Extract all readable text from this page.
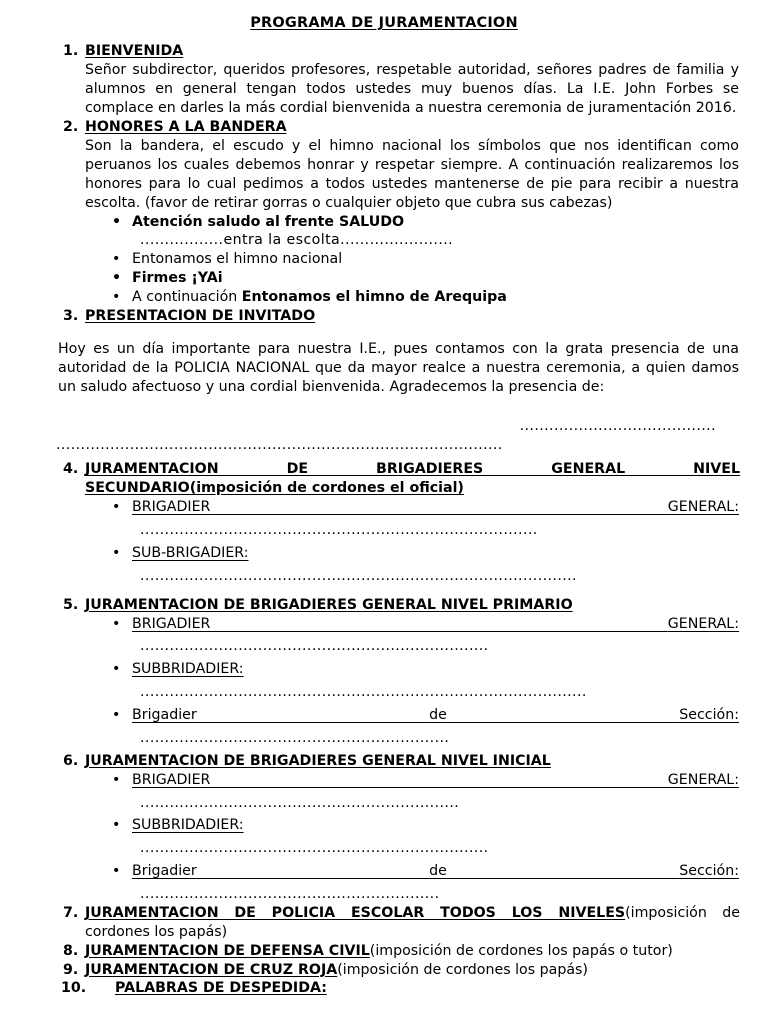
PROGRAMA DE JURAMENTACION
1. BIENVENIDA

Señor subdirector, queridos profesores, respetable autoridad, señores padres de familia y alumnos en general tengan todos ustedes muy buenos días. La I.E. John Forbes se complace en darles la más cordial bienvenida a nuestra ceremonia de juramentación 2016.

2. HONORES A LA BANDERA

Son la bandera, el escudo y el himno nacional los símbolos que nos identifican como peruanos los cuales debemos honrar y respetar siempre. A continuación realizaremos los honores para lo cual pedimos a todos ustedes mantenerse de pie para recibir a nuestra escolta. (favor de retirar gorras o cualquier objeto que cubra sus cabezas)

• Atención saludo al frente SALUDO
.................entra la escolta.......................
• Entonamos el himno nacional
• Firmes ¡YAi
• A continuación Entonamos el himno de Arequipa
3. PRESENTACION DE INVITADO

Hoy es un día importante para nuestra I.E., pues contamos con la grata presencia de una autoridad de la POLICIA NACIONAL que da mayor realce a nuestra ceremonia, a quien damos un saludo afectuoso y una cordial bienvenida. Agradecemos la presencia de:

........................................
...........................................................................................
4. JURAMENTACION DE BRIGADIERES GENERAL NIVEL
SECUNDARIO(imposición de cordones el oficial)
• BRIGADIER	GENERAL:
.................................................................................
• SUB-BRIGADIER:
.........................................................................................
5. JURAMENTACION DE BRIGADIERES GENERAL NIVEL PRIMARIO
• BRIGADIER	GENERAL:
.......................................................................
• SUBBRIDADIER:
...........................................................................................
• Brigadier	de	Sección:
...............................................................
6. JURAMENTACION DE BRIGADIERES GENERAL NIVEL INICIAL
• BRIGADIER	GENERAL:
.................................................................
• SUBBRIDADIER:
.......................................................................
• Brigadier	de	Sección:
.............................................................
7. JURAMENTACION DE POLICIA ESCOLAR TODOS LOS NIVELES(imposición de
cordones los papás)
8. JURAMENTACION DE DEFENSA CIVIL(imposición de cordones los papás o tutor)
9. JURAMENTACION DE CRUZ ROJA(imposición de cordones los papás)
10.	PALABRAS DE DESPEDIDA:
